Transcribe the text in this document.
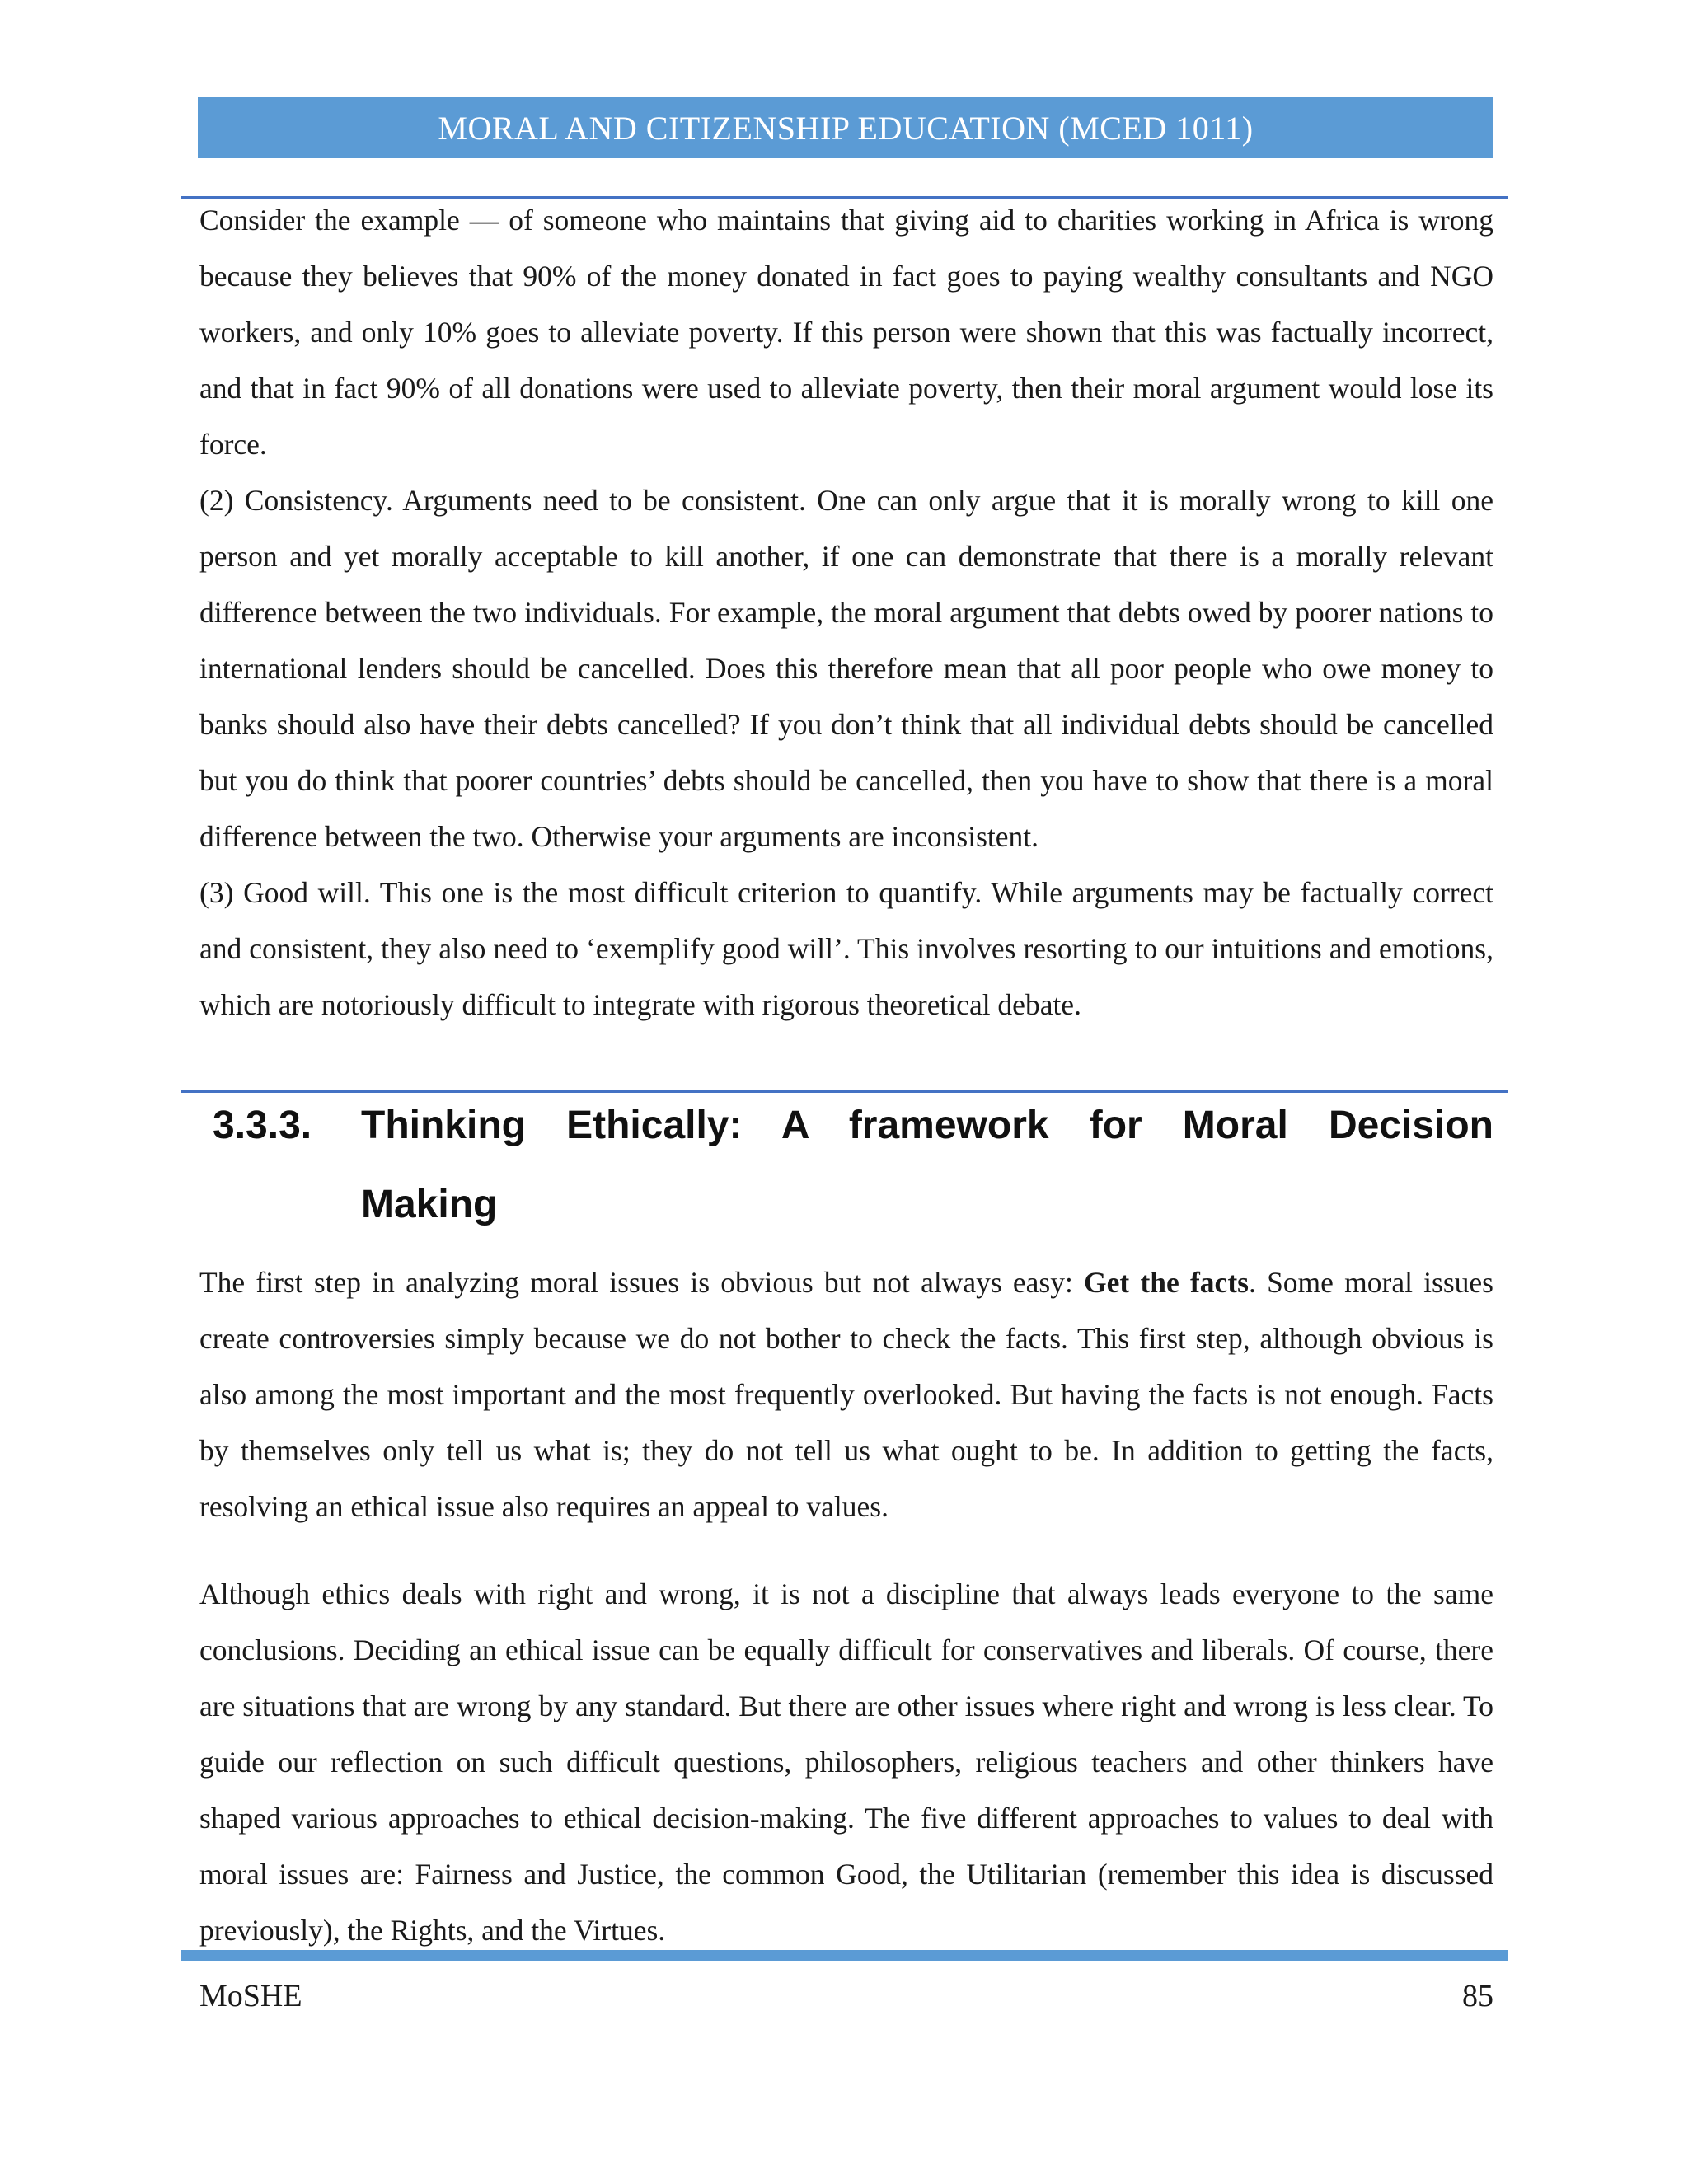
MORAL AND CITIZENSHIP EDUCATION (MCED 1011)

Consider the example — of someone who maintains that giving aid to charities working in Africa is wrong because they believes that 90% of the money donated in fact goes to paying wealthy consultants and NGO workers, and only 10% goes to alleviate poverty. If this person were shown that this was factually incorrect, and that in fact 90% of all donations were used to alleviate poverty, then their moral argument would lose its force.

(2) Consistency. Arguments need to be consistent. One can only argue that it is morally wrong to kill one person and yet morally acceptable to kill another, if one can demonstrate that there is a morally relevant difference between the two individuals. For example, the moral argument that debts owed by poorer nations to international lenders should be cancelled. Does this therefore mean that all poor people who owe money to banks should also have their debts cancelled? If you don’t think that all individual debts should be cancelled but you do think that poorer countries’ debts should be cancelled, then you have to show that there is a moral difference between the two. Otherwise your arguments are inconsistent.

(3) Good will. This one is the most difficult criterion to quantify. While arguments may be factually correct and consistent, they also need to ‘exemplify good will’. This involves resorting to our intuitions and emotions, which are notoriously difficult to integrate with rigorous theoretical debate.

3.3.3. Thinking Ethically: A framework for Moral Decision
Making

The first step in analyzing moral issues is obvious but not always easy: Get the facts. Some moral issues create controversies simply because we do not bother to check the facts. This first step, although obvious is also among the most important and the most frequently overlooked. But having the facts is not enough. Facts by themselves only tell us what is; they do not tell us what ought to be. In addition to getting the facts, resolving an ethical issue also requires an appeal to values.

Although ethics deals with right and wrong, it is not a discipline that always leads everyone to the same conclusions. Deciding an ethical issue can be equally difficult for conservatives and liberals. Of course, there are situations that are wrong by any standard. But there are other issues where right and wrong is less clear. To guide our reflection on such difficult questions, philosophers, religious teachers and other thinkers have shaped various approaches to ethical decision-making. The five different approaches to values to deal with moral issues are: Fairness and Justice, the common Good, the Utilitarian (remember this idea is discussed previously), the Rights, and the Virtues.

MoSHE	85
